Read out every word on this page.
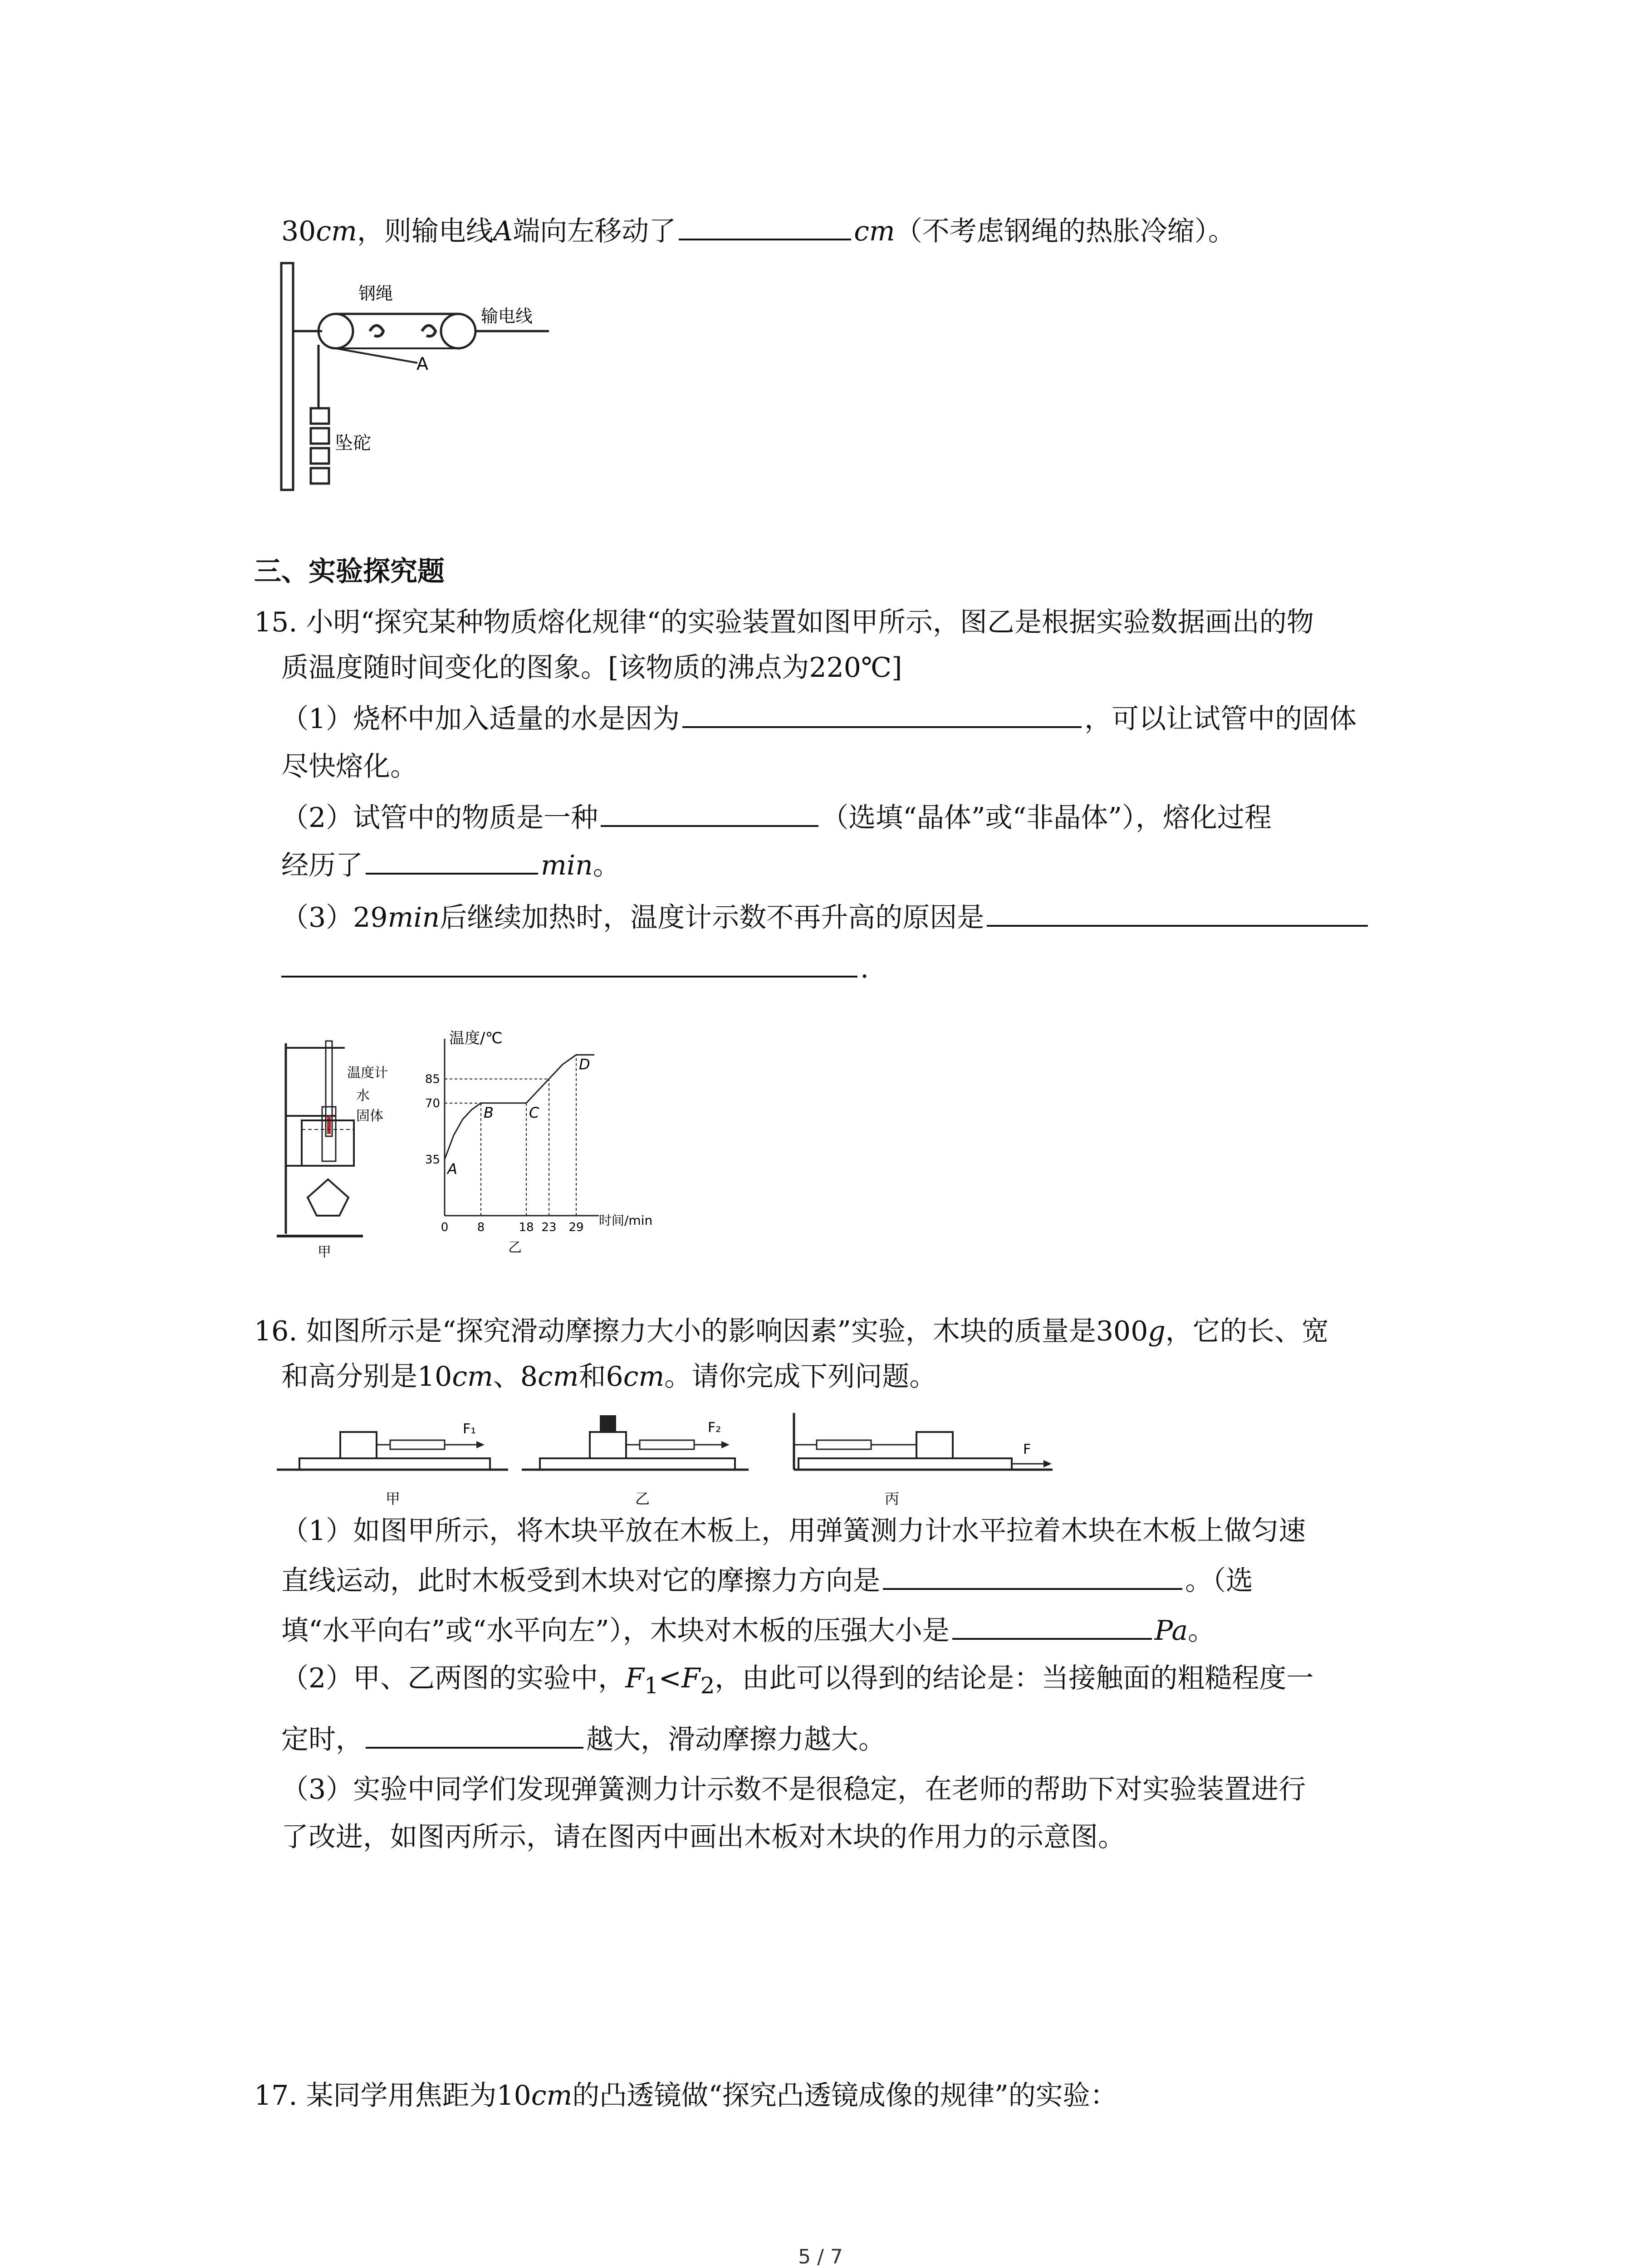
30cm，则输电线A端向左移动了	cm（不考虑钢绳的热胀冷缩）。
钢绳
输电线
A
坠砣
三、实验探究题
15. 小明“探究某种物质熔化规律“的实验装置如图甲所示，图乙是根据实验数据画出的物
质温度随时间变化的图象。[该物质的沸点为220℃]
（1）烧杯中加入适量的水是因为	，可以让试管中的固体
尽快熔化。
（2）试管中的物质是一种	（选填“晶体”或“非晶体”），熔化过程
经历了	min。
（3）29min后继续加热时，温度计示数不再升高的原因是
.
温度计
水
固体
甲
温度/℃
时间/min
35
70
85
0 8	18 23 29
A
B C
D
乙
16. 如图所示是“探究滑动摩擦力大小的影响因素”实验，木块的质量是300g，它的长、宽
和高分别是10cm、8cm和6cm。请你完成下列问题。
F₁
甲
F₂
乙
F
丙
（1）如图甲所示，将木块平放在木板上，用弹簧测力计水平拉着木块在木板上做匀速
直线运动，此时木板受到木块对它的摩擦力方向是	。（选
填“水平向右”或“水平向左”），木块对木板的压强大小是	Pa。
（2）甲、乙两图的实验中，$F_1<F_2$，由此可以得到的结论是：当接触面的粗糙程度一
定时，	越大，滑动摩擦力越大。
（3）实验中同学们发现弹簧测力计示数不是很稳定，在老师的帮助下对实验装置进行
了改进，如图丙所示，请在图丙中画出木板对木块的作用力的示意图。
17. 某同学用焦距为10cm的凸透镜做“探究凸透镜成像的规律”的实验：
5 / 7
